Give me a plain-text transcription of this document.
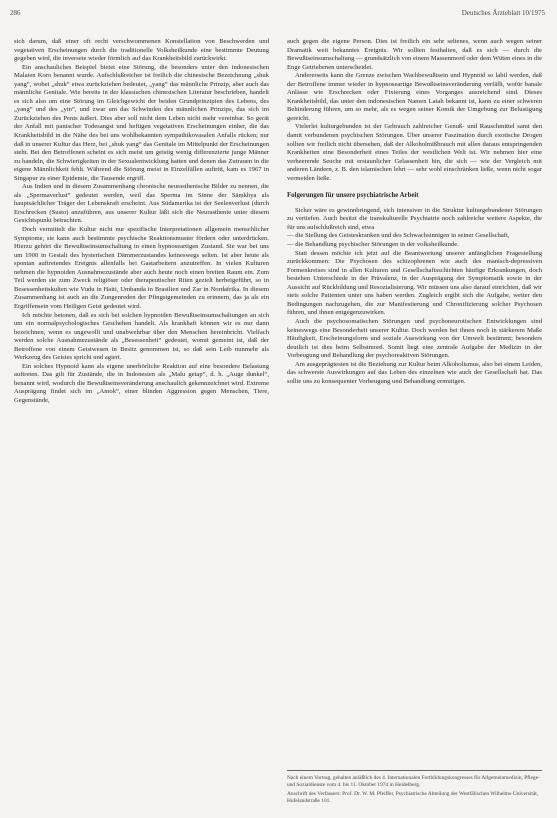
286	Deutsches Ärzteblatt 10/1975

sich darum, daß einer oft recht verschwommenen Konstellation von Beschwerden und vegetativen Erscheinungen durch die traditionelle Volksheilkunde eine bestimmte Deutung gegeben wird, die inversete wieder förmlich auf das Krankheitsbild zurückwirkt.

Ein anschauliches Beispiel bietet eine Störung, die besonders unter den indonesischen Malaien Koro benannt wurde. Aufschlußreicher ist freilich die chinesische Bezeichnung „shuk yang“, wobei „shuk“ etwa zurückziehen bedeutet, „yang“ das männliche Prinzip, aber auch das männliche Genitale. Wie bereits in der klassischen chinesischen Literatur beschrieben, handelt es sich also um eine Störung im Gleichgewicht der beiden Grundprinzipien des Lebens, des „yang“ und des „yin“, und zwar um das Schwinden des männlichen Prinzips, das sich im Zurückziehen des Penis äußert. Dies aber soll nicht dem Leben nicht mehr vereinbar. So gerät der Anfall mit panischer Todesangst und heftigen vegetativen Erscheinungen einher, die das Krankheitsbild in die Nähe des bei uns wohlbekannten sympathikovasalen Anfalls rücken; nur daß in unserer Kultur das Herz, bei „shuk yang“ das Genitale im Mittelpunkt der Erscheinungen steht. Bei den Betroffenen scheint es sich meist um geistig wenig differenzierte junge Männer zu handeln, die Schwierigkeiten in der Sexualentwicklung hatten und denen das Zutrauen in die eigene Männlichkeit fehlt. Während die Störung meist in Einzelfällen auftritt, kam es 1967 in Singapur zu einer Epidemie, die Tausende ergriff.

Aus Indien und in diesem Zusammenhang chronische neurasthenische Bilder zu nennen, die als „Spermaverlust“ gedeutet werden, weil das Sperma im Sinne der Sāṃkhya als hauptsächlicher Träger der Lebenskraft erscheint. Aus Südamerika ist der Seelenverlust (durch Erschrecken (Susto) anzuführen, aus unserer Kultur läßt sich die Neurasthenie unter diesem Gesichtspunkt betrachten.

Doch vermittelt die Kultur nicht nur spezifische Interpretationen allgemein menschlicher Symptome, sie kann auch bestimmte psychische Reaktionsmuster fördern oder unterdrücken. Hierzu gehört die Bewußtseinsumschaltung in einen hypnoseartigen Zustand. Sie war bei uns um 1900 in Gestalt des hysterischen Dämmerzustandes keineswegs selten. Ist aber heute als spontan auftretendes Ereignis allenfalls bei Gastarbeitern anzutreffen. In vielen Kulturen nehmen die hypnoiden Ausnahmezustände aber auch heute noch einen breiten Raum ein. Zum Teil werden sie zum Zweck religiöser oder therapeutischer Riten gezielt herbeigeführt, so in Besessenheitskulten wie Vudu in Haiti, Umbanda in Brasilien und Zar in Nordafrika. In diesem Zusammenhang ist auch an die Zungenreden der Pfingstgemeinden zu erinnern, das ja als ein Ergriffensein vom Heiligen Geist gedeutet wird.

Ich möchte betonen, daß es sich bei solchen hypnoiden Bewußtseinsumschaltungen an sich um ein normalpsychologisches Geschehen handelt. Als krankhaft können wir es nur dann bezeichnen, wenn es ungewollt und unabwehrbar über den Menschen hereinbricht. Vielfach werden solche Ausnahmezustände als „Besessenheit“ gedeutet, womit gemeint ist, daß der Betroffene von einem Geistwesen in Besitz genommen ist, so daß sein Leib nunmehr als Werkzeug des Geistes spricht und agiert.

Ein solches Hypnoid kann als eigene unerhörliche Reaktion auf eine besondere Belastung auftreten. Das gilt für Zustände, die in Indonesien als „Malu getap“, d. h. „Auge dunkel“, benannt wird, wodurch die Bewußtseinsveränderung anschaulich gekennzeichnet wird. Extreme Ausprägung findet sich im „Amok“, einer blinden Aggression gegen Menschen, Tiere, Gegenstände,

auch gegen die eigene Person. Dies ist freilich ein sehr seltenes, wenn auch wegen seiner Dramatik weit bekanntes Ereignis. Wir sollten festhalten, daß es sich — durch die Bewußtseinsumschaltung — grundsätzlich von einem Massenmord oder dem Wüten eines in die Enge Getriebenen unterscheidet.

Andererseits kann die Grenze zwischen Wachbewußtsein und Hypnoid so labil werden, daß der Betroffene immer wieder in hypnoseartige Bewußtseinsveränderung verfällt, wofür banale Anlässe wie Erschrecken oder Fixierung eines Vorganges ausreichend sind. Dieses Krankheitsbild, das unter den indonesischen Namen Latah bekannt ist, kann zu einer schweren Behinderung führen, um so mehr, als es wegen seiner Komik der Umgebung zur Belustigung gereicht.

Vielerlei kulturgebunden ist der Gebrauch zahlreicher Genuß- und Rauschmittel samt den damit verbundenen psychischen Störungen. Über unserer Faszination durch exotische Drogen sollten wir freilich nicht übersehen, daß der Alkoholmißbrauch mit allen daraus entspringenden Krankheiten eine Besonderheit eines Teiles der westlichen Welt ist. Wir nehmen hier eine verheerende Seuche mit erstaunlicher Gelassenheit hin, die sich — wie der Vergleich mit anderen Ländern, z. B. den islamischen lehrt — sehr wohl einschränken ließe, wenn nicht sogar vermeiden ließe.

Folgerungen für unsere psychiatrische Arbeit

Sicher wäre es gewinnbringend, sich intensiver in die Struktur kulturgebundener Störungen zu vertiefen. Auch besitzt die transkulturelle Psychiatrie noch zahlreiche weitere Aspekte, die für uns aufschlußreich sind, etwa

— die Stellung des Geisteskranken und des Schwachsinnigen in seiner Gesellschaft,
— die Behandlung psychischer Störungen in der volksheilkunde.

Statt dessen möchte ich jetzt auf die Beantwortung unserer anfänglichen Fragestellung zurückkommen: Die Psychosen des schizophrenen wie auch des manisch-depressiven Formenkreises sind in allen Kulturen und Gesellschaftsschichten häufige Erkrankungen, doch bestehen Unterschiede in der Prävalenz, in der Ausprägung der Symptomatik sowie in der Aussicht auf Rückbildung und Resozialisierung. Wir müssen uns also darauf einrichten, daß wir stets solche Patienten unter uns haben werden. Zugleich ergibt sich die Aufgabe, weiter den Bedingungen nachzugehen, die zur Manifestierung und Chronifizierung solcher Psychosen führen, und ihnen entgegenzuwirken.

Auch die psychosomatischen Störungen und psychoneurotischen Entwicklungen sind keineswegs eine Besonderheit unserer Kultur. Doch werden bei ihnen noch in stärkerem Maße Häufigkeit, Erscheinungsform und soziale Auswirkung von der Umwelt bestimmt; besonders deutlich ist dies beim Selbstmord. Somit liegt eine zentrale Aufgabe der Medizin in der Vorbeugung und Behandlung der psychoreaktiven Störungen.

Am ausgeprägtesten ist die Beziehung zur Kultur beim Alkoholismus, also bei einem Leiden, das schwerste Auswirkungen auf das Leben des einzelnen wie auch der Gesellschaft hat. Das sollte uns zu konsequenter Vorbeugung und Behandlung ermutigen.

Nach einem Vortrag, gehalten anläßlich des 4. Internationalen Fortbildungskongresses für Allgemeinmedizin, Pflege- und Sozialdienste vom 4. bis 11. Oktober 1974 in Heidelberg.

Anschrift des Verfassers: Prof. Dr. W. M. Pfeiffer, Psychiatrische Abteilung der Westfälischen Wilhelms-Universität, Hufelandstraße 101.
